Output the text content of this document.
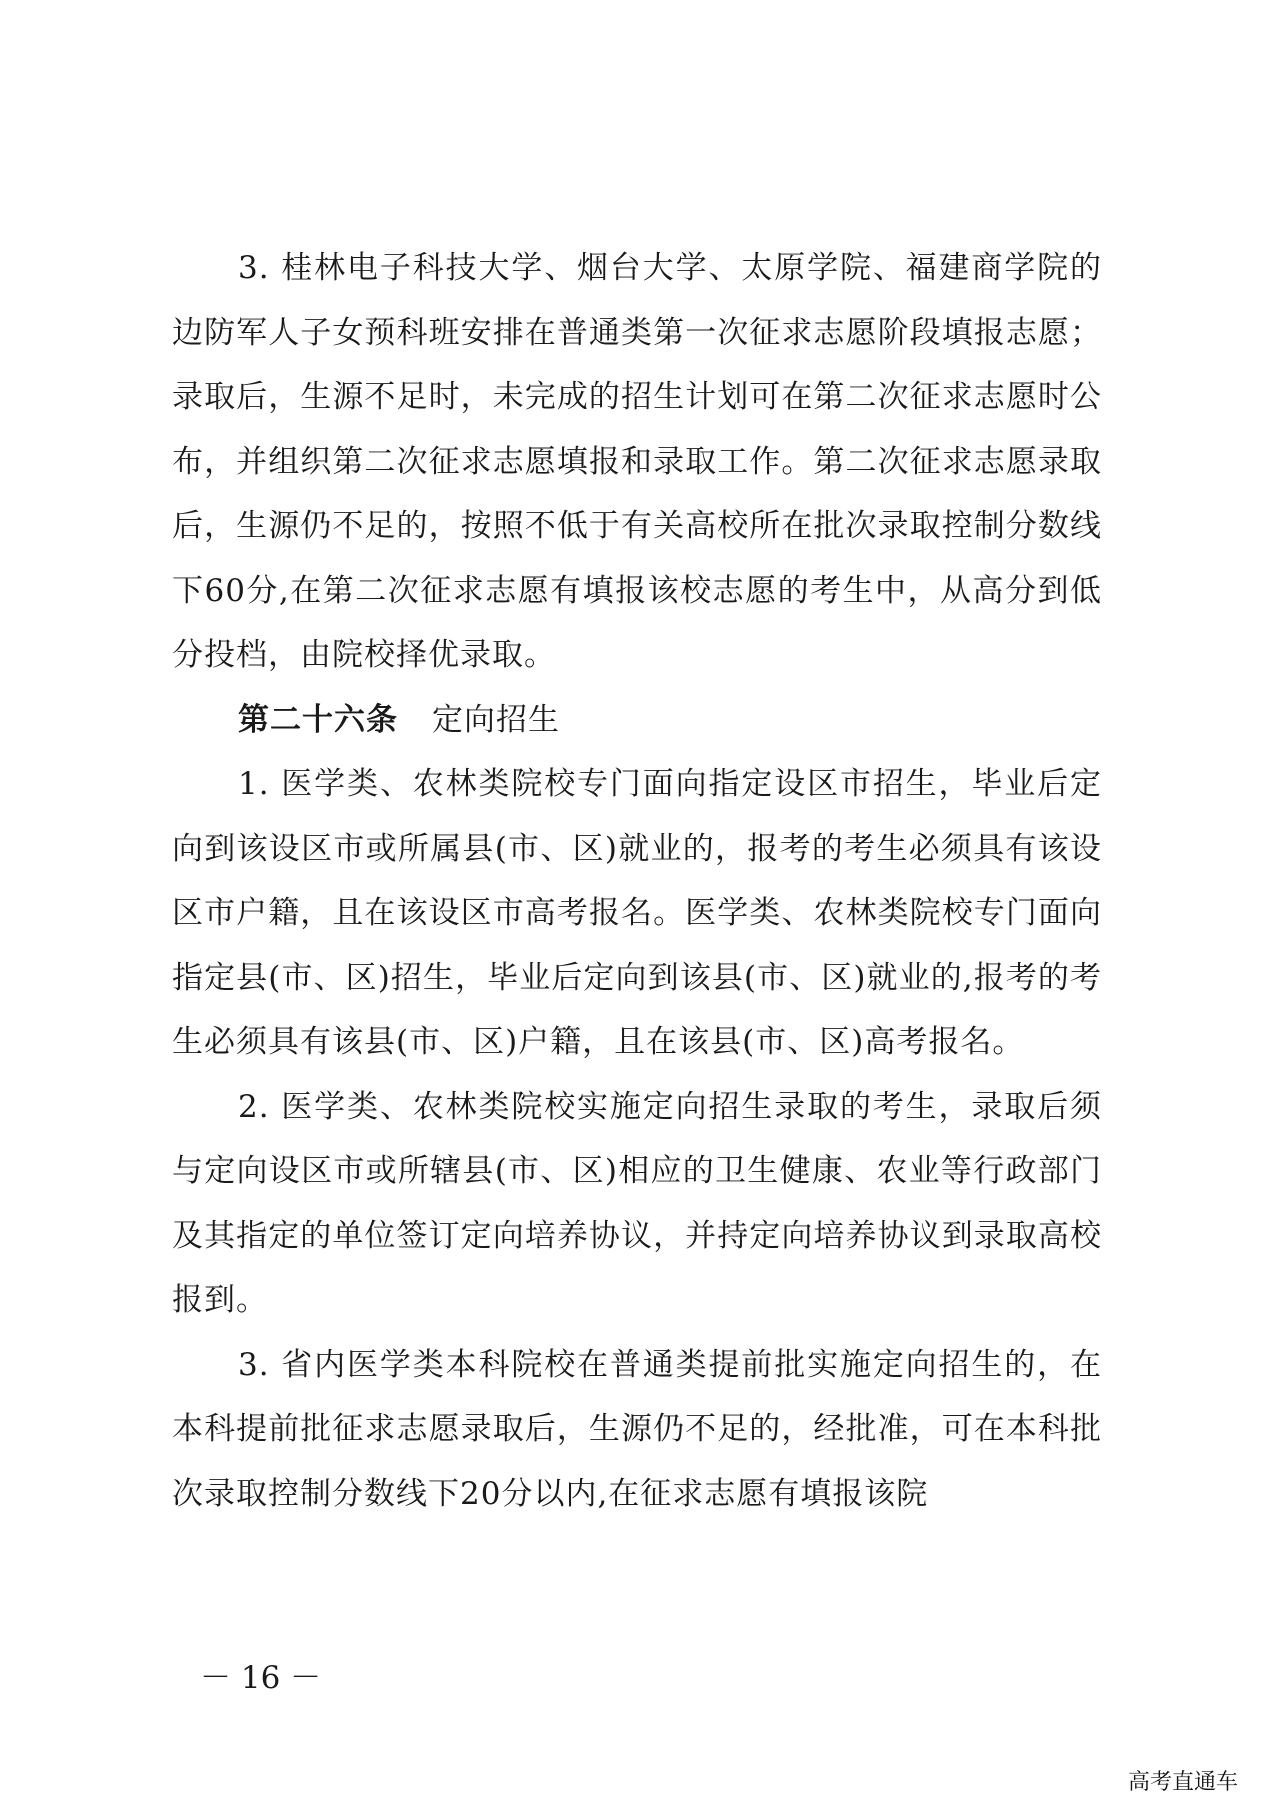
3. 桂林电子科技大学、烟台大学、太原学院、福建商学院的边防军人子女预科班安排在普通类第一次征求志愿阶段填报志愿；录取后，生源不足时，未完成的招生计划可在第二次征求志愿时公布，并组织第二次征求志愿填报和录取工作。第二次征求志愿录取后，生源仍不足的，按照不低于有关高校所在批次录取控制分数线下60分,在第二次征求志愿有填报该校志愿的考生中，从高分到低分投档，由院校择优录取。

第二十六条 定向招生

1. 医学类、农林类院校专门面向指定设区市招生，毕业后定向到该设区市或所属县(市、区)就业的，报考的考生必须具有该设区市户籍，且在该设区市高考报名。医学类、农林类院校专门面向指定县(市、区)招生，毕业后定向到该县(市、区)就业的,报考的考生必须具有该县(市、区)户籍，且在该县(市、区)高考报名。

2. 医学类、农林类院校实施定向招生录取的考生，录取后须与定向设区市或所辖县(市、区)相应的卫生健康、农业等行政部门及其指定的单位签订定向培养协议，并持定向培养协议到录取高校报到。

3. 省内医学类本科院校在普通类提前批实施定向招生的，在本科提前批征求志愿录取后，生源仍不足的，经批准，可在本科批次录取控制分数线下20分以内,在征求志愿有填报该院

－ 16 －
高考直通车
